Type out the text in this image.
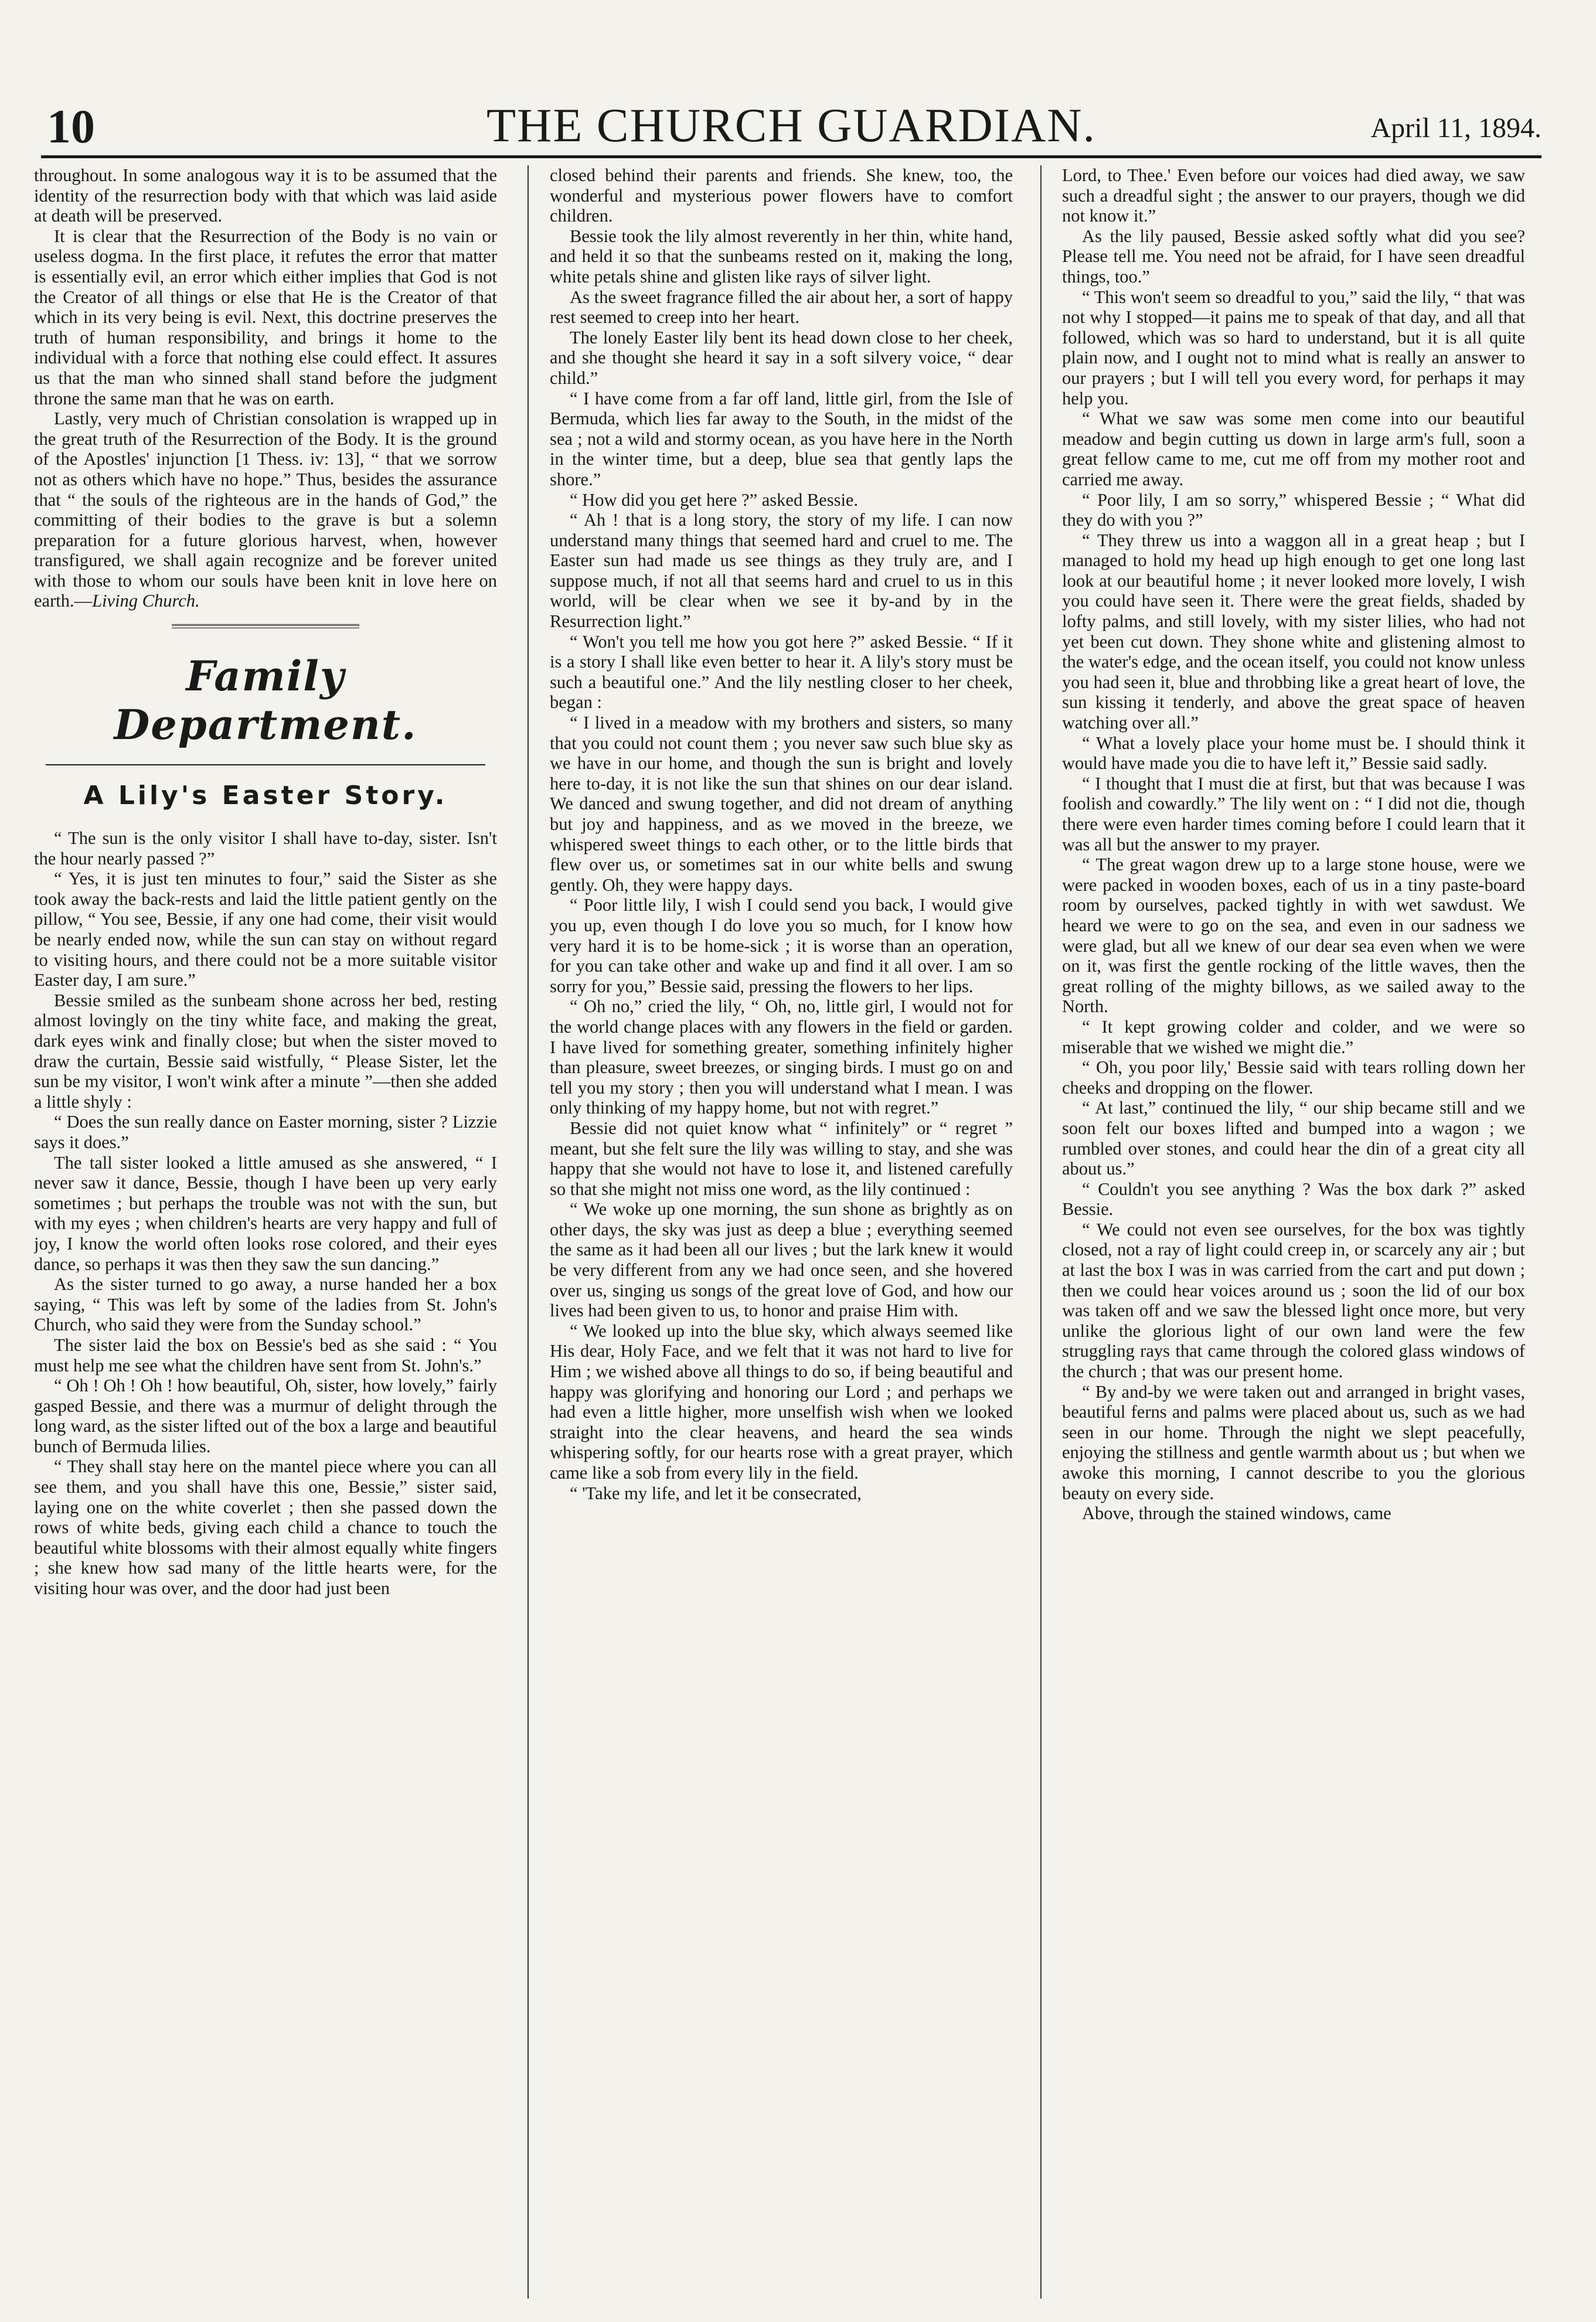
10	THE CHURCH GUARDIAN.	April 11, 1894.

throughout. In some analogous way it is to be assumed that the identity of the resurrection body with that which was laid aside at death will be preserved.

It is clear that the Resurrection of the Body is no vain or useless dogma. In the first place, it refutes the error that matter is essentially evil, an error which either implies that God is not the Creator of all things or else that He is the Creator of that which in its very being is evil. Next, this doctrine preserves the truth of human responsibility, and brings it home to the individual with a force that nothing else could effect. It assures us that the man who sinned shall stand before the judgment throne the same man that he was on earth.

Lastly, very much of Christian consolation is wrapped up in the great truth of the Resurrection of the Body. It is the ground of the Apostles' injunction [1 Thess. iv: 13], “ that we sorrow not as others which have no hope.” Thus, besides the assurance that “ the souls of the righteous are in the hands of God,” the committing of their bodies to the grave is but a solemn preparation for a future glorious harvest, when, however transfigured, we shall again recognize and be forever united with those to whom our souls have been knit in love here on earth.—Living Church.

Family Department.
A Lily's Easter Story.

“ The sun is the only visitor I shall have to-day, sister. Isn't the hour nearly passed ?”

“ Yes, it is just ten minutes to four,” said the Sister as she took away the back-rests and laid the little patient gently on the pillow, “ You see, Bessie, if any one had come, their visit would be nearly ended now, while the sun can stay on without regard to visiting hours, and there could not be a more suitable visitor Easter day, I am sure.”

Bessie smiled as the sunbeam shone across her bed, resting almost lovingly on the tiny white face, and making the great, dark eyes wink and finally close; but when the sister moved to draw the curtain, Bessie said wistfully, “ Please Sister, let the sun be my visitor, I won't wink after a minute ”—then she added a little shyly :

“ Does the sun really dance on Easter morning, sister ? Lizzie says it does.”

The tall sister looked a little amused as she answered, “ I never saw it dance, Bessie, though I have been up very early sometimes ; but perhaps the trouble was not with the sun, but with my eyes ; when children's hearts are very happy and full of joy, I know the world often looks rose colored, and their eyes dance, so perhaps it was then they saw the sun dancing.”

As the sister turned to go away, a nurse handed her a box saying, “ This was left by some of the ladies from St. John's Church, who said they were from the Sunday school.”

The sister laid the box on Bessie's bed as she said : “ You must help me see what the children have sent from St. John's.”

“ Oh ! Oh ! Oh ! how beautiful, Oh, sister, how lovely,” fairly gasped Bessie, and there was a murmur of delight through the long ward, as the sister lifted out of the box a large and beautiful bunch of Bermuda lilies.

“ They shall stay here on the mantel piece where you can all see them, and you shall have this one, Bessie,” sister said, laying one on the white coverlet ; then she passed down the rows of white beds, giving each child a chance to touch the beautiful white blossoms with their almost equally white fingers ; she knew how sad many of the little hearts were, for the visiting hour was over, and the door had just been

closed behind their parents and friends. She knew, too, the wonderful and mysterious power flowers have to comfort children.

Bessie took the lily almost reverently in her thin, white hand, and held it so that the sunbeams rested on it, making the long, white petals shine and glisten like rays of silver light.

As the sweet fragrance filled the air about her, a sort of happy rest seemed to creep into her heart.

The lonely Easter lily bent its head down close to her cheek, and she thought she heard it say in a soft silvery voice, “ dear child.”

“ I have come from a far off land, little girl, from the Isle of Bermuda, which lies far away to the South, in the midst of the sea ; not a wild and stormy ocean, as you have here in the North in the winter time, but a deep, blue sea that gently laps the shore.”

“ How did you get here ?” asked Bessie.

“ Ah ! that is a long story, the story of my life. I can now understand many things that seemed hard and cruel to me. The Easter sun had made us see things as they truly are, and I suppose much, if not all that seems hard and cruel to us in this world, will be clear when we see it by-and by in the Resurrection light.”

“ Won't you tell me how you got here ?” asked Bessie. “ If it is a story I shall like even better to hear it. A lily's story must be such a beautiful one.” And the lily nestling closer to her cheek, began :

“ I lived in a meadow with my brothers and sisters, so many that you could not count them ; you never saw such blue sky as we have in our home, and though the sun is bright and lovely here to-day, it is not like the sun that shines on our dear island. We danced and swung together, and did not dream of anything but joy and happiness, and as we moved in the breeze, we whispered sweet things to each other, or to the little birds that flew over us, or sometimes sat in our white bells and swung gently. Oh, they were happy days.

“ Poor little lily, I wish I could send you back, I would give you up, even though I do love you so much, for I know how very hard it is to be home-sick ; it is worse than an operation, for you can take other and wake up and find it all over. I am so sorry for you,” Bessie said, pressing the flowers to her lips.

“ Oh no,” cried the lily, “ Oh, no, little girl, I would not for the world change places with any flowers in the field or garden. I have lived for something greater, something infinitely higher than pleasure, sweet breezes, or singing birds. I must go on and tell you my story ; then you will understand what I mean. I was only thinking of my happy home, but not with regret.”

Bessie did not quiet know what “ infinitely” or “ regret ” meant, but she felt sure the lily was willing to stay, and she was happy that she would not have to lose it, and listened carefully so that she might not miss one word, as the lily continued :

“ We woke up one morning, the sun shone as brightly as on other days, the sky was just as deep a blue ; everything seemed the same as it had been all our lives ; but the lark knew it would be very different from any we had once seen, and she hovered over us, singing us songs of the great love of God, and how our lives had been given to us, to honor and praise Him with.

“ We looked up into the blue sky, which always seemed like His dear, Holy Face, and we felt that it was not hard to live for Him ; we wished above all things to do so, if being beautiful and happy was glorifying and honoring our Lord ; and perhaps we had even a little higher, more unselfish wish when we looked straight into the clear heavens, and heard the sea winds whispering softly, for our hearts rose with a great prayer, which came like a sob from every lily in the field.

“ 'Take my life, and let it be consecrated,

Lord, to Thee.' Even before our voices had died away, we saw such a dreadful sight ; the answer to our prayers, though we did not know it.”

As the lily paused, Bessie asked softly what did you see? Please tell me. You need not be afraid, for I have seen dreadful things, too.”

“ This won't seem so dreadful to you,” said the lily, “ that was not why I stopped—it pains me to speak of that day, and all that followed, which was so hard to understand, but it is all quite plain now, and I ought not to mind what is really an answer to our prayers ; but I will tell you every word, for perhaps it may help you.

“ What we saw was some men come into our beautiful meadow and begin cutting us down in large arm's full, soon a great fellow came to me, cut me off from my mother root and carried me away.

“ Poor lily, I am so sorry,” whispered Bessie ; “ What did they do with you ?”

“ They threw us into a waggon all in a great heap ; but I managed to hold my head up high enough to get one long last look at our beautiful home ; it never looked more lovely, I wish you could have seen it. There were the great fields, shaded by lofty palms, and still lovely, with my sister lilies, who had not yet been cut down. They shone white and glistening almost to the water's edge, and the ocean itself, you could not know unless you had seen it, blue and throbbing like a great heart of love, the sun kissing it tenderly, and above the great space of heaven watching over all.”

“ What a lovely place your home must be. I should think it would have made you die to have left it,” Bessie said sadly.

“ I thought that I must die at first, but that was because I was foolish and cowardly.” The lily went on : “ I did not die, though there were even harder times coming before I could learn that it was all but the answer to my prayer.

“ The great wagon drew up to a large stone house, were we were packed in wooden boxes, each of us in a tiny paste-board room by ourselves, packed tightly in with wet sawdust. We heard we were to go on the sea, and even in our sadness we were glad, but all we knew of our dear sea even when we were on it, was first the gentle rocking of the little waves, then the great rolling of the mighty billows, as we sailed away to the North.

“ It kept growing colder and colder, and we were so miserable that we wished we might die.”

“ Oh, you poor lily,' Bessie said with tears rolling down her cheeks and dropping on the flower.

“ At last,” continued the lily, “ our ship became still and we soon felt our boxes lifted and bumped into a wagon ; we rumbled over stones, and could hear the din of a great city all about us.”

“ Couldn't you see anything ? Was the box dark ?” asked Bessie.

“ We could not even see ourselves, for the box was tightly closed, not a ray of light could creep in, or scarcely any air ; but at last the box I was in was carried from the cart and put down ; then we could hear voices around us ; soon the lid of our box was taken off and we saw the blessed light once more, but very unlike the glorious light of our own land were the few struggling rays that came through the colored glass windows of the church ; that was our present home.

“ By and-by we were taken out and arranged in bright vases, beautiful ferns and palms were placed about us, such as we had seen in our home. Through the night we slept peacefully, enjoying the stillness and gentle warmth about us ; but when we awoke this morning, I cannot describe to you the glorious beauty on every side.

Above, through the stained windows, came
